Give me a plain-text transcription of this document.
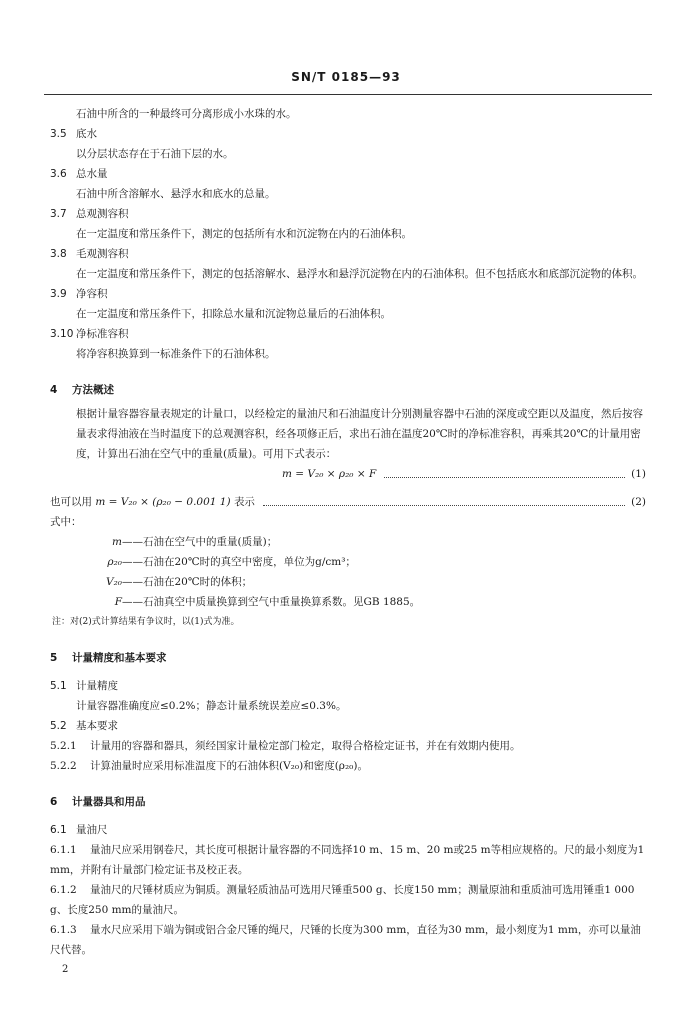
SN/T 0185—93
石油中所含的一种最终可分离形成小水珠的水。
3.5 底水
以分层状态存在于石油下层的水。
3.6 总水量
石油中所含溶解水、悬浮水和底水的总量。
3.7 总观测容积
在一定温度和常压条件下，测定的包括所有水和沉淀物在内的石油体积。
3.8 毛观测容积
在一定温度和常压条件下，测定的包括溶解水、悬浮水和悬浮沉淀物在内的石油体积。但不包括底水和底部沉淀物的体积。
3.9 净容积
在一定温度和常压条件下，扣除总水量和沉淀物总量后的石油体积。
3.10 净标准容积
将净容积换算到一标准条件下的石油体积。
4 方法概述
根据计量容器容量表规定的计量口，以经检定的量油尺和石油温度计分别测量容器中石油的深度或空距以及温度，然后按容量表求得油液在当时温度下的总观测容积，经各项修正后，求出石油在温度20℃时的净标准容积，再乘其20℃的计量用密度，计算出石油在空气中的重量(质量)。可用下式表示：
m = V₂₀ × ρ₂₀ × F	(1)
也可以用 m = V₂₀ × (ρ₂₀ − 0.001 1) 表示	(2)
式中：
m——石油在空气中的重量(质量)；
ρ₂₀——石油在20℃时的真空中密度，单位为g/cm³；
V₂₀——石油在20℃时的体积；
F——石油真空中质量换算到空气中重量换算系数。见GB 1885。
注：对(2)式计算结果有争议时，以(1)式为准。
5 计量精度和基本要求
5.1 计量精度
计量容器准确度应≤0.2%；静态计量系统误差应≤0.3%。
5.2 基本要求
5.2.1 计量用的容器和器具，须经国家计量检定部门检定，取得合格检定证书，并在有效期内使用。
5.2.2 计算油量时应采用标准温度下的石油体积(V₂₀)和密度(ρ₂₀)。
6 计量器具和用品
6.1 量油尺
6.1.1 量油尺应采用钢卷尺，其长度可根据计量容器的不同选择10 m、15 m、20 m或25 m等相应规格的。尺的最小刻度为1 mm，并附有计量部门检定证书及校正表。
6.1.2 量油尺的尺锤材质应为铜质。测量轻质油品可选用尺锤重500 g、长度150 mm；测量原油和重质油可选用锤重1 000 g、长度250 mm的量油尺。
6.1.3 量水尺应采用下端为铜或铝合金尺锤的绳尺，尺锤的长度为300 mm，直径为30 mm，最小刻度为1 mm，亦可以量油尺代替。
2
